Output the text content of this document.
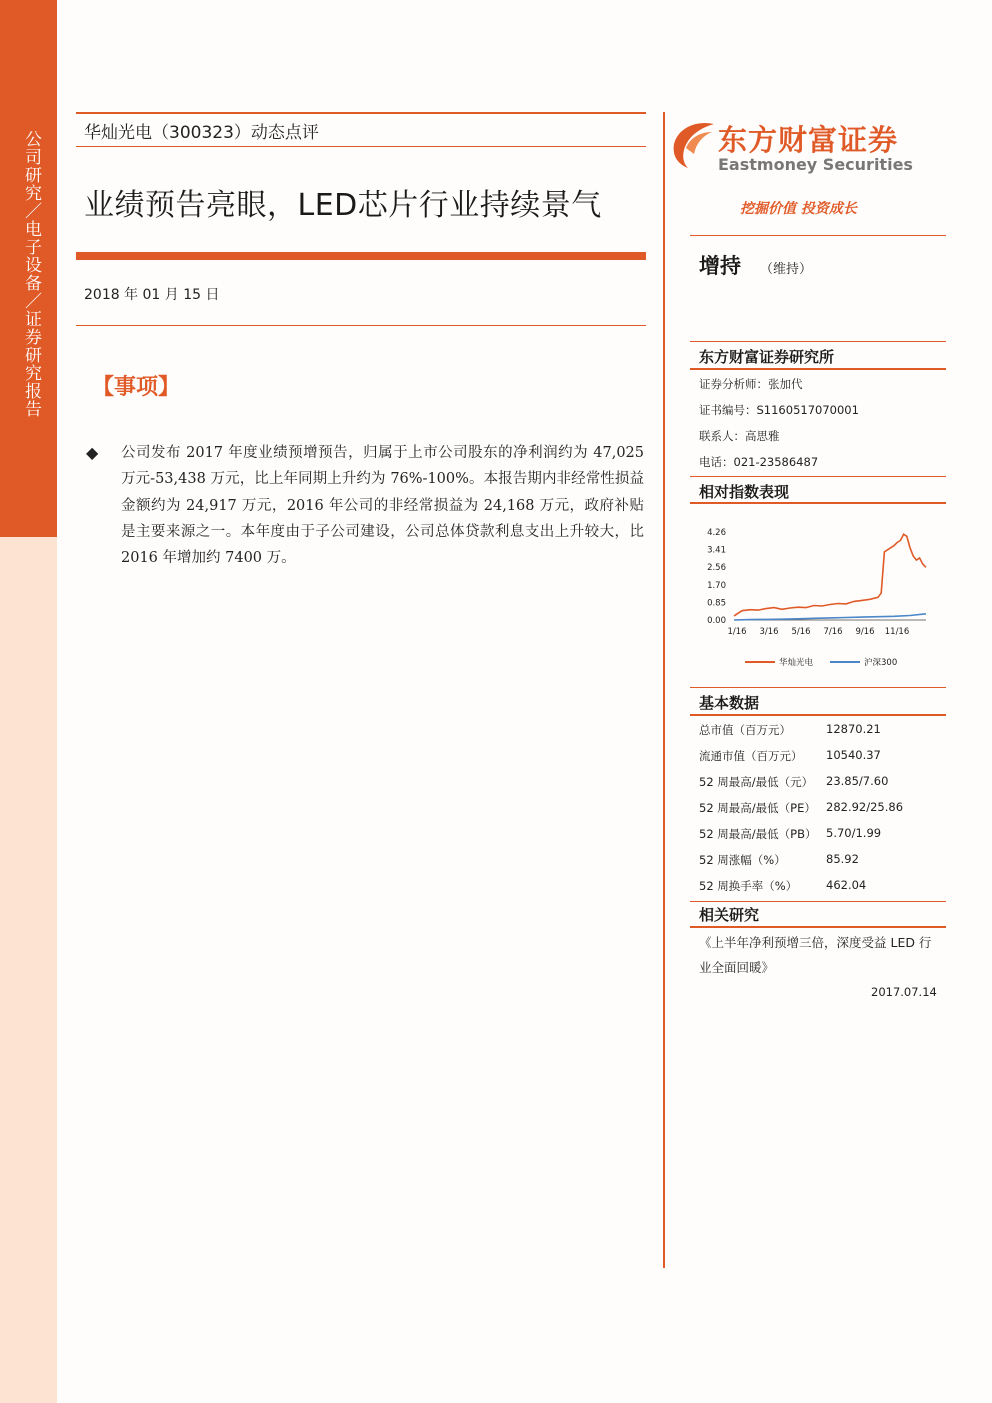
公司研究／电子设备／证券研究报告	华灿光电（300323）动态点评
业绩预告亮眼，LED芯片行业持续景气
2018 年 01 月 15 日
【事项】
◆ 公司发布 2017 年度业绩预增预告，归属于上市公司股东的净利润约为 47,025 万元-53,438 万元，比上年同期上升约为 76%-100%。本报告期内非经常性损益金额约为 24,917 万元，2016 年公司的非经常损益为 24,168 万元，政府补贴是主要来源之一。本年度由于子公司建设，公司总体贷款利息支出上升较大，比 2016 年增加约 7400 万。
东方财富证券
Eastmoney Securities
挖掘价值 投资成长
增持 （维持）
东方财富证券研究所
证券分析师：张加代
证书编号：S1160517070001
联系人：高思雅
电话：021-23586487
相对指数表现
4.26
3.41
2.56
1.70
0.85
0.00
1/16 3/16 5/16 7/16 9/16 11/16
华灿光电	沪深300
基本数据
总市值（百万元）	12870.21
流通市值（百万元） 10540.37
52 周最高/最低（元） 23.85/7.60
52 周最高/最低（PE） 282.92/25.86
52 周最高/最低（PB） 5.70/1.99
52 周涨幅（%）	85.92
52 周换手率（%）	462.04
相关研究
《上半年净利预增三倍，深度受益 LED 行
业全面回暖》
2017.07.14
